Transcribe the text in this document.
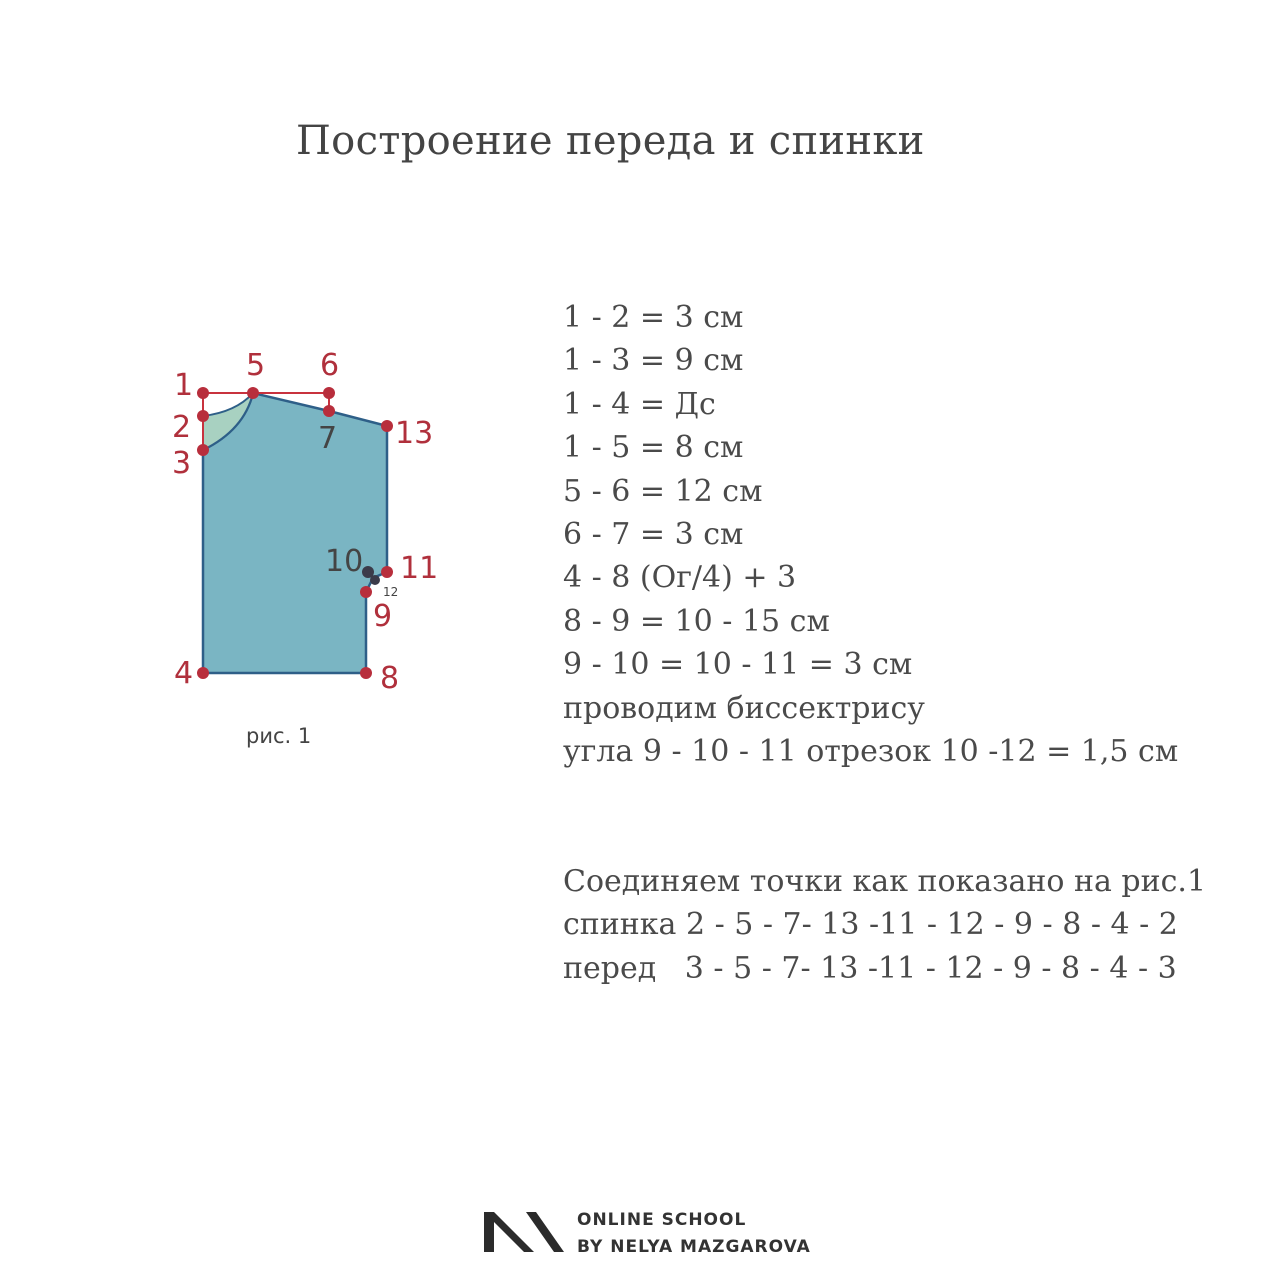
Построение переда и спинки
1
2
3
4
5 6
7
8
9
10 11
12
13
рис. 1
1 - 2 = 3 см
1 - 3 = 9 см
1 - 4 = Дс
1 - 5 = 8 см
5 - 6 = 12 см
6 - 7 = 3 см
4 - 8 (Ог/4) + 3
8 - 9 = 10 - 15 см
9 - 10 = 10 - 11 = 3 см
проводим биссектрису
угла 9 - 10 - 11 отрезок 10 -12 = 1,5 см
Соединяем точки как показано на рис.1
спинка 2 - 5 - 7- 13 -11 - 12 - 9 - 8 - 4 - 2
перед   3 - 5 - 7- 13 -11 - 12 - 9 - 8 - 4 - 3
ONLINE SCHOOL
BY NELYA MAZGAROVA
